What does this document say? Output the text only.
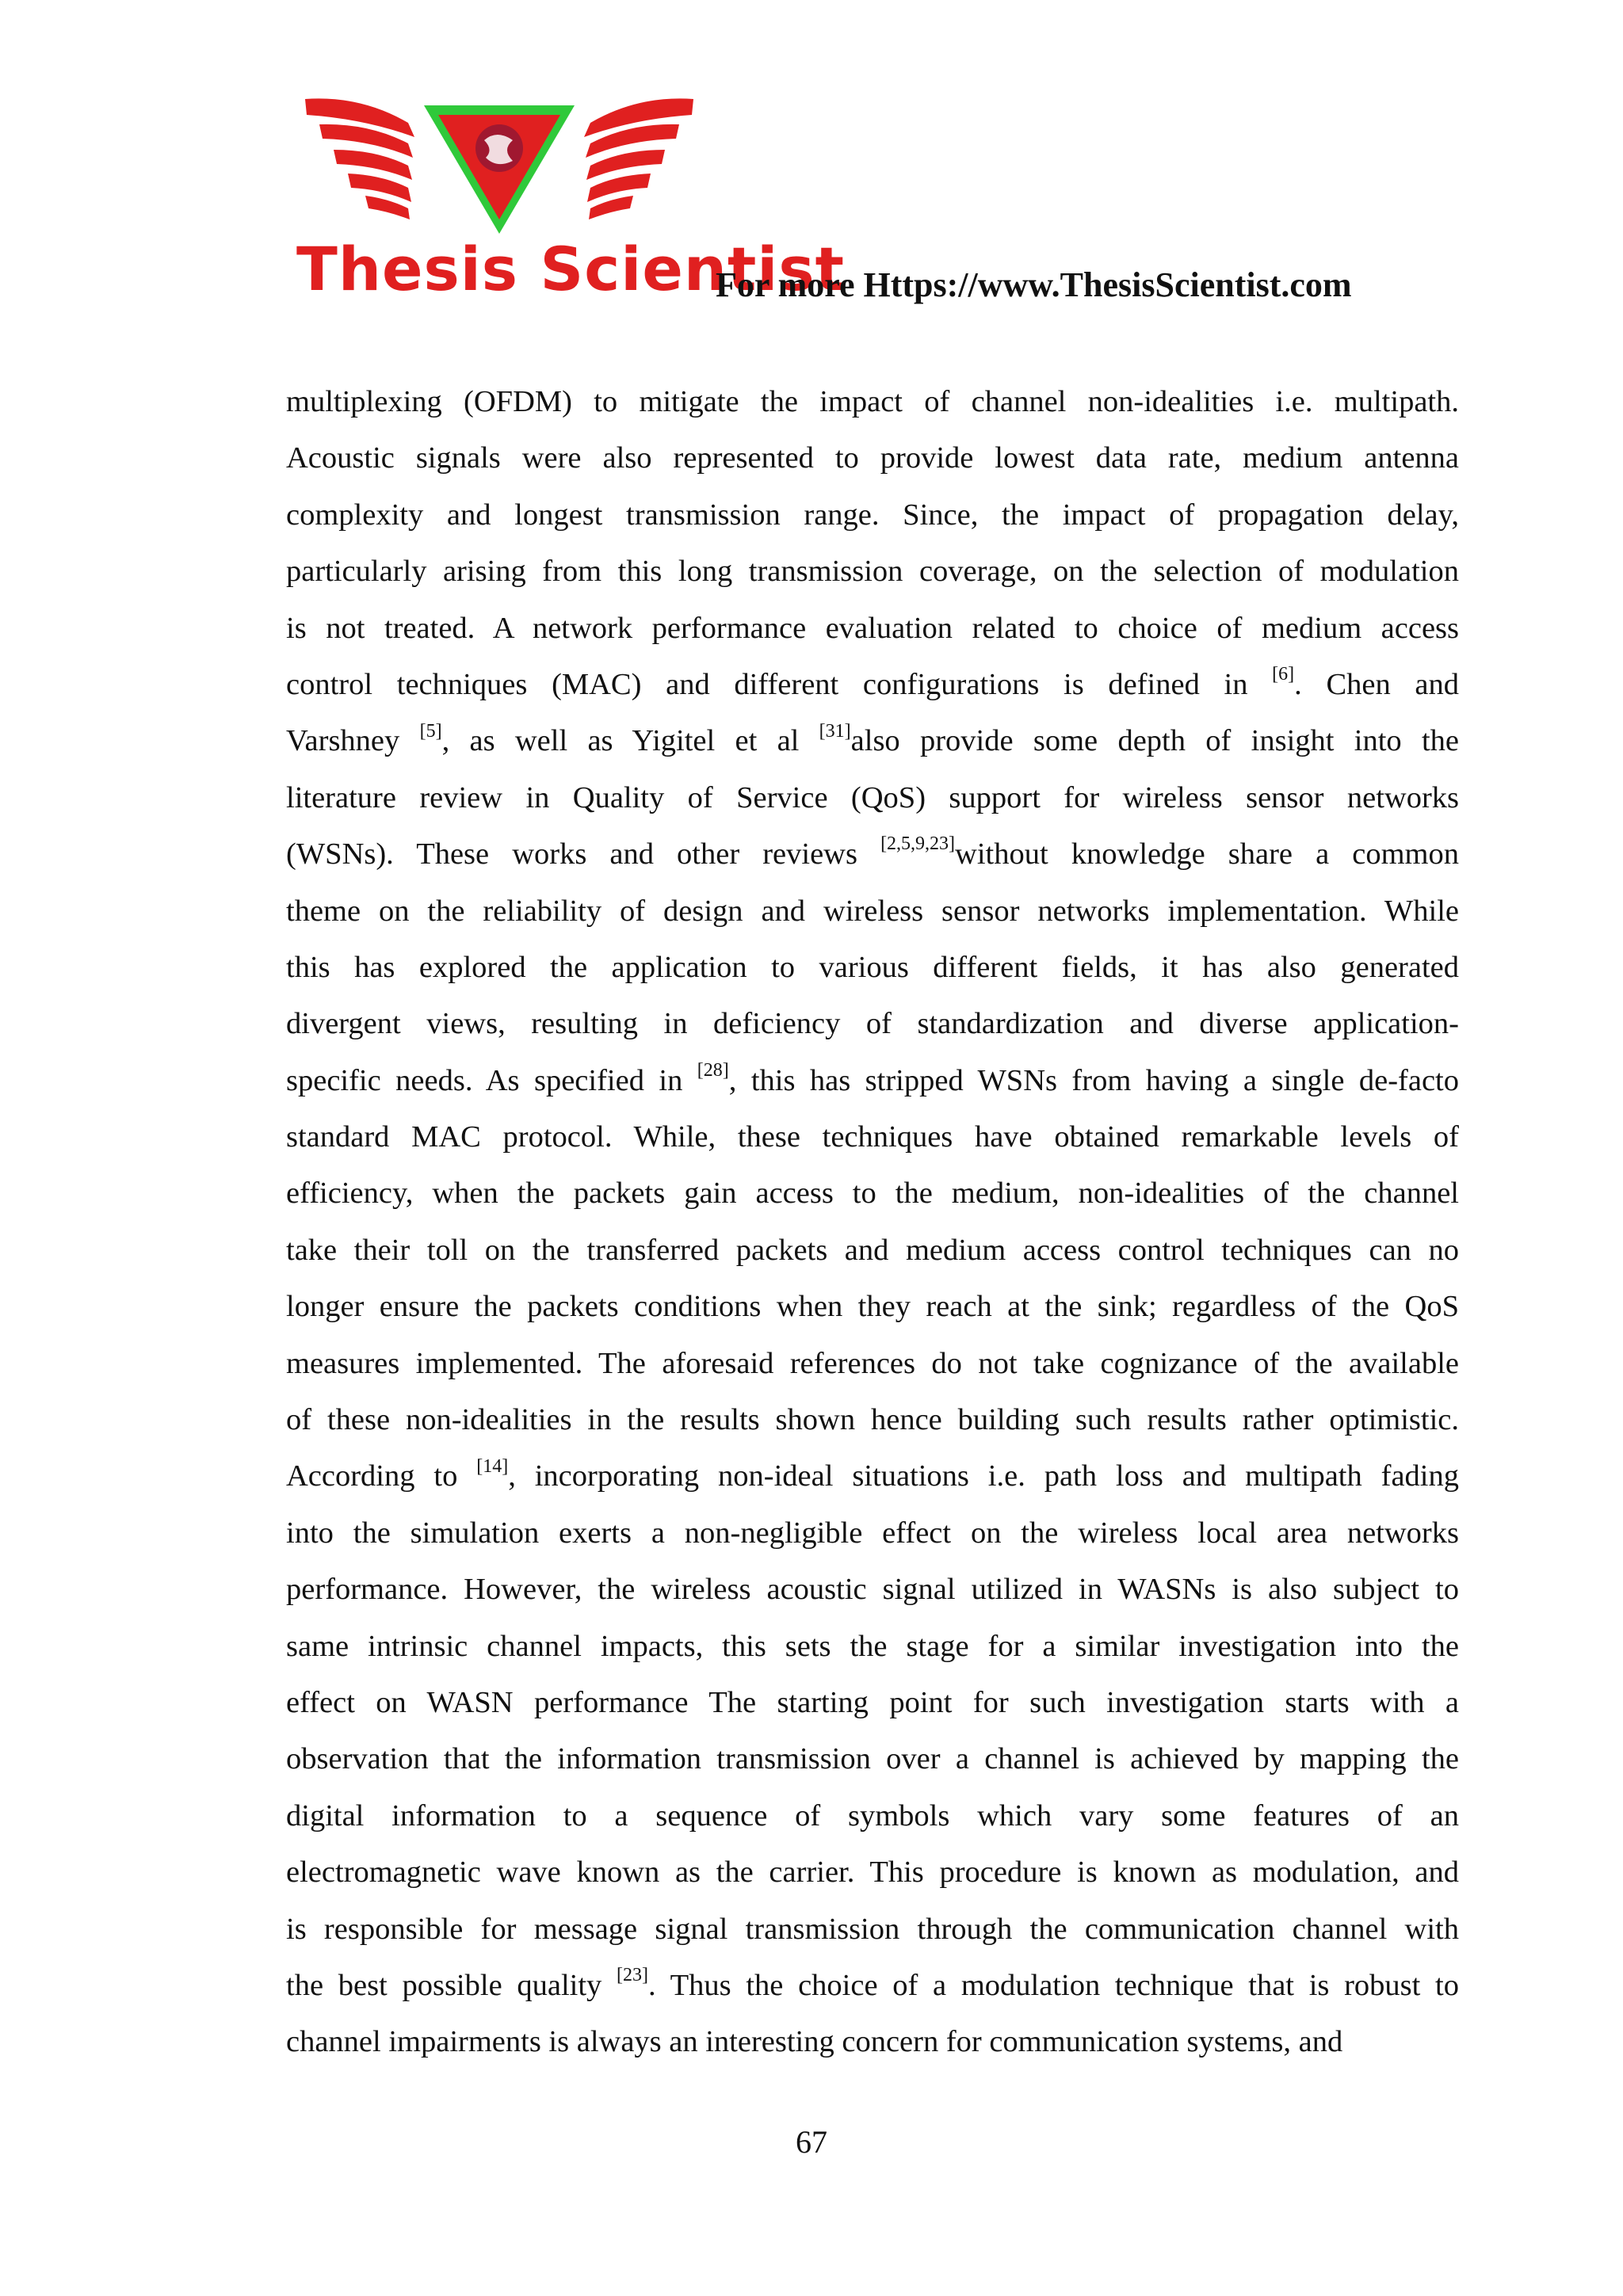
Thesis Scientist
For more Https://www.ThesisScientist.com
multiplexing (OFDM) to mitigate the impact of channel non-idealities i.e. multipath.
Acoustic signals were also represented to provide lowest data rate, medium antenna
complexity and longest transmission range. Since, the impact of propagation delay,
particularly arising from this long transmission coverage, on the selection of modulation
is not treated. A network performance evaluation related to choice of medium access
control techniques (MAC) and different configurations is defined in [6]. Chen and
Varshney [5], as well as Yigitel et al [31]also provide some depth of insight into the
literature review in Quality of Service (QoS) support for wireless sensor networks
(WSNs). These works and other reviews [2,5,9,23]without knowledge share a common
theme on the reliability of design and wireless sensor networks implementation. While
this has explored the application to various different fields, it has also generated
divergent views, resulting in deficiency of standardization and diverse application-
specific needs. As specified in [28], this has stripped WSNs from having a single de-facto
standard MAC protocol. While, these techniques have obtained remarkable levels of
efficiency, when the packets gain access to the medium, non-idealities of the channel
take their toll on the transferred packets and medium access control techniques can no
longer ensure the packets conditions when they reach at the sink; regardless of the QoS
measures implemented. The aforesaid references do not take cognizance of the available
of these non-idealities in the results shown hence building such results rather optimistic.
According to [14], incorporating non-ideal situations i.e. path loss and multipath fading
into the simulation exerts a non-negligible effect on the wireless local area networks
performance. However, the wireless acoustic signal utilized in WASNs is also subject to
same intrinsic channel impacts, this sets the stage for a similar investigation into the
effect on WASN performance The starting point for such investigation starts with a
observation that the information transmission over a channel is achieved by mapping the
digital information to a sequence of symbols which vary some features of an
electromagnetic wave known as the carrier. This procedure is known as modulation, and
is responsible for message signal transmission through the communication channel with
the best possible quality [23]. Thus the choice of a modulation technique that is robust to
channel impairments is always an interesting concern for communication systems, and
67
